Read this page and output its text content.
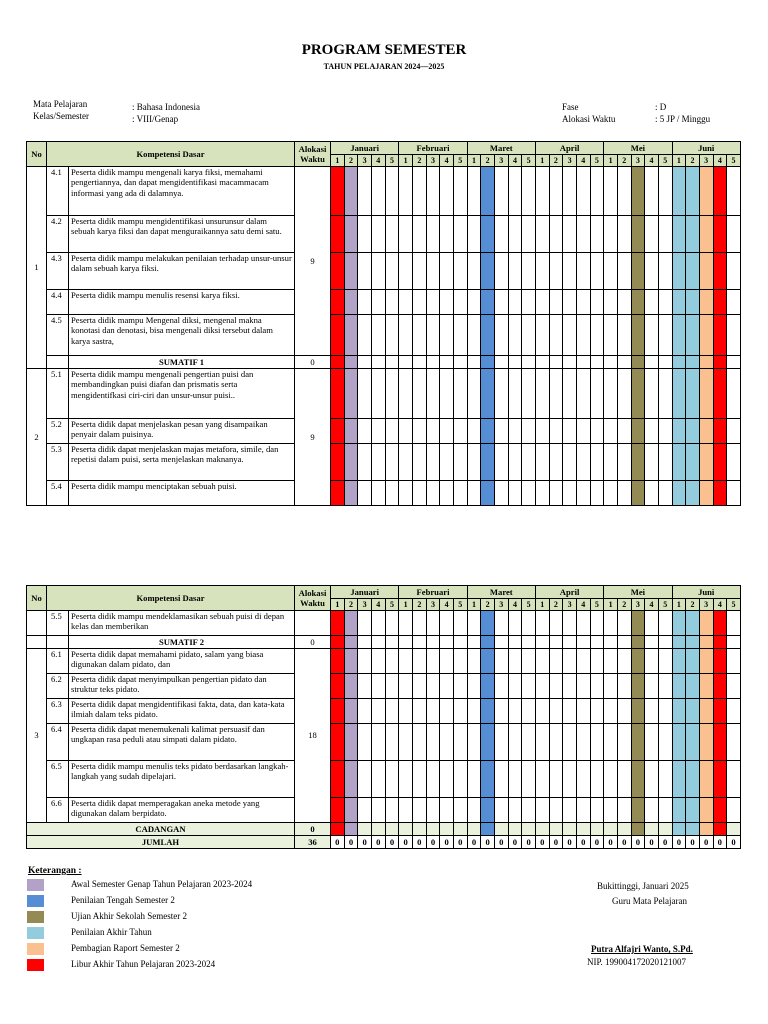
PROGRAM SEMESTER
TAHUN PELAJARAN 2024—2025
Mata Pelajaran
Kelas/Semester
: Bahasa Indonesia
: VIII/Genap
Fase
Alokasi Waktu
: D
: 5 JP / Minggu
No	Kompetensi Dasar		Alokasi Waktu	Januari					Februari					Maret					April					Mei					Juni				
				1	2	3	4	5	1	2	3	4	5	1	2	3	4	5	1	2	3	4	5	1	2	3	4	5	1	2	3	4	5
1	4.1	Peserta didik mampu mengenali karya fiksi, memahami pengertiannya, dan dapat mengidentifikasi macammacam informasi yang ada di dalamnya.	9																														
	4.2	Peserta didik mampu mengidentifikasi unsurunsur dalam sebuah karya fiksi dan dapat menguraikannya satu demi satu.																															
	4.3	Peserta didik mampu melakukan penilaian terhadap unsur-unsur dalam sebuah karya fiksi.																															
	4.4	Peserta didik mampu menulis resensi karya fiksi.																															
	4.5	Peserta didik mampu Mengenal diksi, mengenal makna konotasi dan denotasi, bisa mengenali diksi tersebut dalam karya sastra,																															
		SUMATIF 1	0																														
2	5.1	Peserta didik mampu mengenali pengertian puisi dan membandingkan puisi diafan dan prismatis serta mengidentifkasi ciri-ciri dan unsur-unsur puisi..	9																														
	5.2	Peserta didik dapat menjelaskan pesan yang disampaikan penyair dalam puisinya.																															
	5.3	Peserta didik dapat menjelaskan majas metafora, simile, dan repetisi dalam puisi, serta menjelaskan maknanya.																															
	5.4	Peserta didik mampu menciptakan sebuah puisi.																															
No	Kompetensi Dasar		Alokasi Waktu	Januari					Februari					Maret					April					Mei					Juni				
				1	2	3	4	5	1	2	3	4	5	1	2	3	4	5	1	2	3	4	5	1	2	3	4	5	1	2	3	4	5
	5.5	Peserta didik mampu mendeklamasikan sebuah puisi di depan kelas dan memberikan																															
		SUMATIF 2	0																														
3	6.1	Peserta didik dapat memahami pidato, salam yang biasa digunakan dalam pidato, dan	18																														
	6.2	Peserta didik dapat menyimpulkan pengertian pidato dan struktur teks pidato.																															
	6.3	Peserta didik dapat mengidentifikasi fakta, data, dan kata-kata ilmiah dalam teks pidato.																															
	6.4	Peserta didik dapat menemukenali kalimat persuasif dan ungkapan rasa peduli atau simpati dalam pidato.																															
	6.5	Peserta didik mampu menulis teks pidato berdasarkan langkah-langkah yang sudah dipelajari.																															
	6.6	Peserta didik dapat memperagakan aneka metode yang digunakan dalam berpidato.																															
CADANGAN			0																														
JUMLAH			36	0	0	0	0	0	0	0	0	0	0	0	0	0	0	0	0	0	0	0	0	0	0	0	0	0	0	0	0	0	0
Keterangan :
Awal Semester Genap Tahun Pelajaran 2023-2024
Penilaian Tengah Semester 2
Ujian Akhir Sekolah Semester 2
Penilaian Akhir Tahun
Pembagian Raport Semester 2
Libur Akhir Tahun Pelajaran 2023-2024
Bukittinggi, Januari 2025
Guru Mata Pelajaran
Putra Alfajri Wanto, S.Pd.
NIP. 199004172020121007
